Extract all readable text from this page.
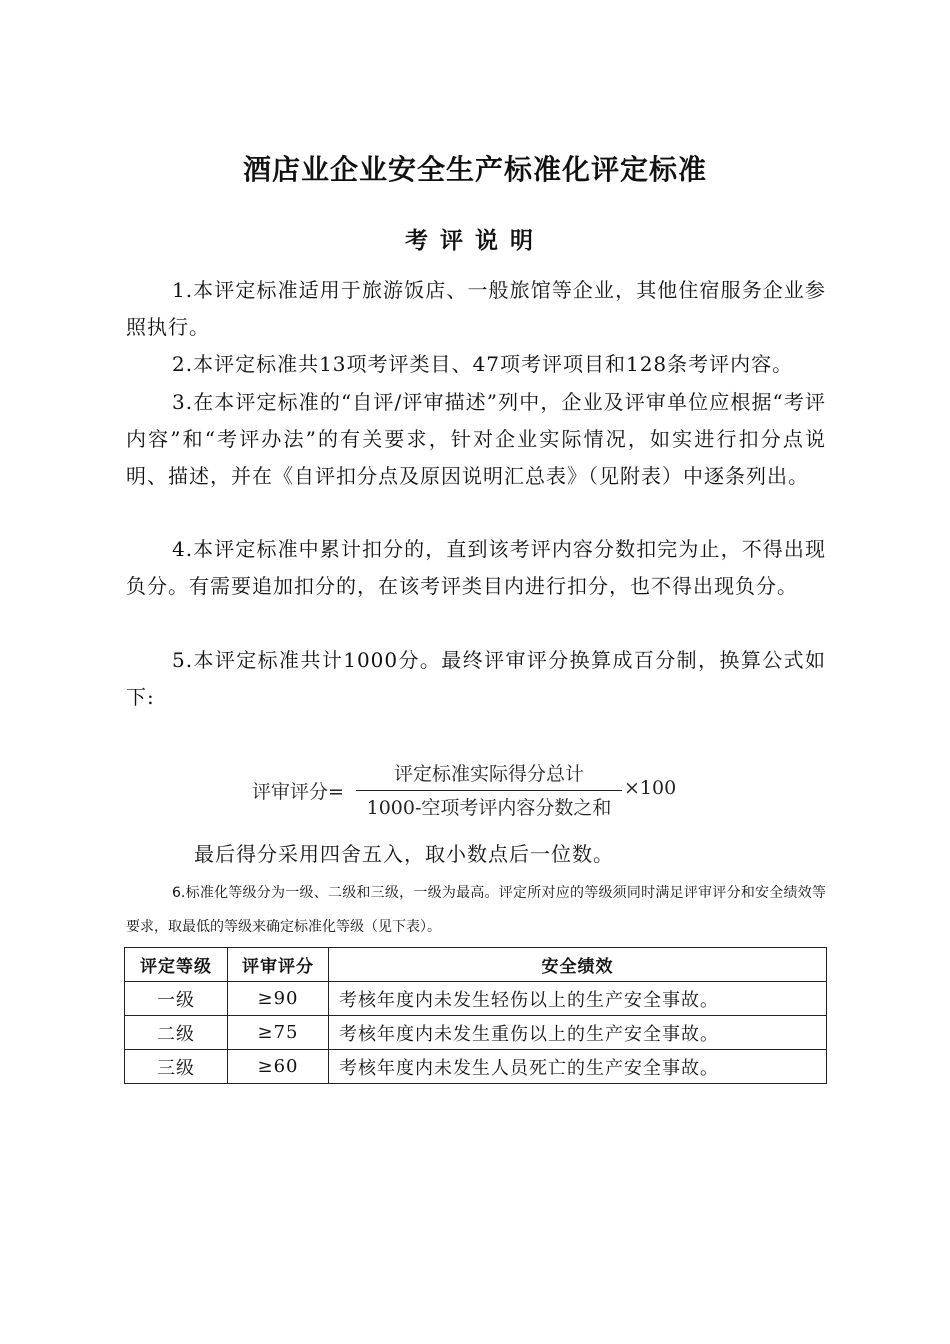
酒店业企业安全生产标准化评定标准
考评说明
1.本评定标准适用于旅游饭店、一般旅馆等企业，其他住宿服务企业参照执行。
2.本评定标准共13项考评类目、47项考评项目和128条考评内容。
3.在本评定标准的“自评/评审描述”列中，企业及评审单位应根据“考评内容”和“考评办法”的有关要求，针对企业实际情况，如实进行扣分点说明、描述，并在《自评扣分点及原因说明汇总表》（见附表）中逐条列出。
4.本评定标准中累计扣分的，直到该考评内容分数扣完为止，不得出现负分。有需要追加扣分的，在该考评类目内进行扣分，也不得出现负分。
5.本评定标准共计1000分。最终评审评分换算成百分制，换算公式如下:
评审评分=
评定标准实际得分总计
1000-空项考评内容分数之和
×100
最后得分采用四舍五入，取小数点后一位数。
6.标准化等级分为一级、二级和三级，一级为最高。评定所对应的等级须同时满足评审评分和安全绩效等要求，取最低的等级来确定标准化等级（见下表）。
评定等级	评审评分	安全绩效
一级	≥90	考核年度内未发生轻伤以上的生产安全事故。
二级	≥75	考核年度内未发生重伤以上的生产安全事故。
三级	≥60	考核年度内未发生人员死亡的生产安全事故。
